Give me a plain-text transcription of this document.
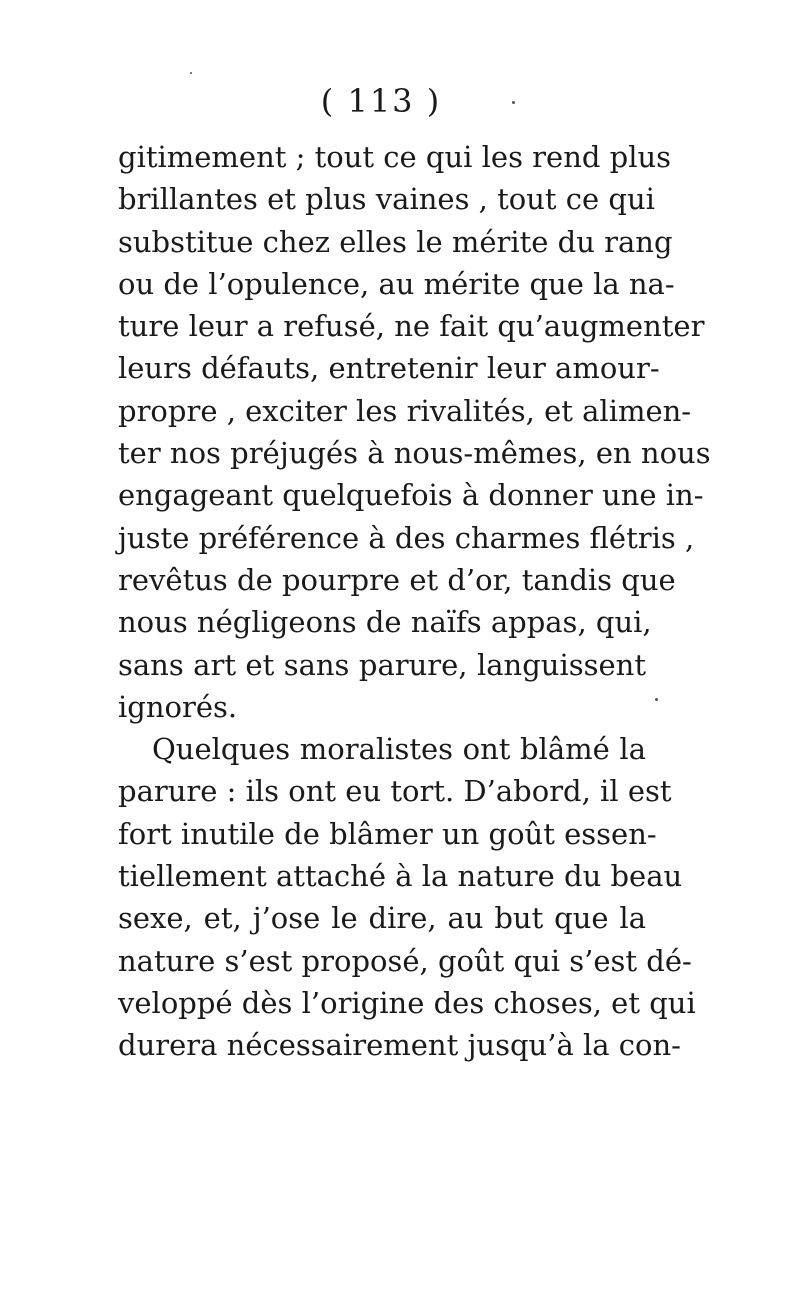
( 113 )
gitimement ; tout ce qui les rend plus
brillantes et plus vaines , tout ce qui
substitue chez elles le mérite du rang
ou de l’opulence, au mérite que la na-
ture leur a refusé, ne fait qu’augmenter
leurs défauts, entretenir leur amour-
propre , exciter les rivalités, et alimen-
ter nos préjugés à nous-mêmes, en nous
engageant quelquefois à donner une in-
juste préférence à des charmes flétris ,
revêtus de pourpre et d’or, tandis que
nous négligeons de naïfs appas, qui,
sans art et sans parure, languissent
ignorés.
Quelques moralistes ont blâmé la
parure : ils ont eu tort. D’abord, il est
fort inutile de blâmer un goût essen-
tiellement attaché à la nature du beau
sexe, et, j’ose le dire, au but que la
nature s’est proposé, goût qui s’est dé-
veloppé dès l’origine des choses, et qui
durera nécessairement jusqu’à la con-
